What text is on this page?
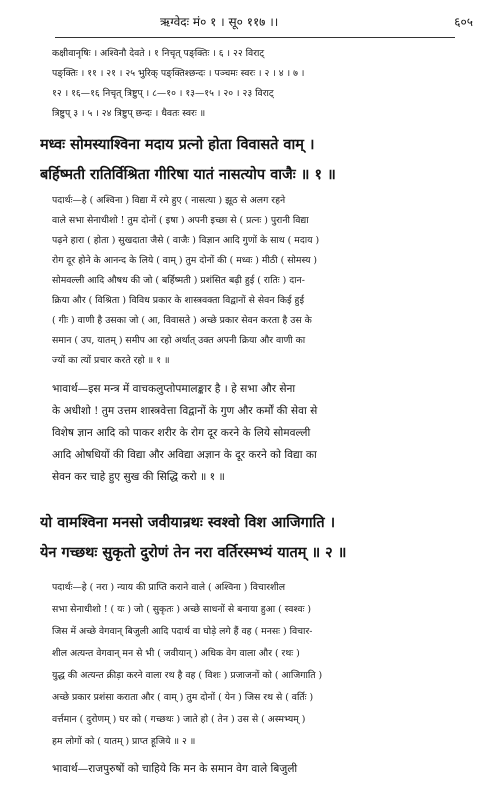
ऋग्वेदः मं० १ । सू० ११७ ।।	६०५
कक्षीवानृषिः । अश्विनौ देवते । १ निचृत् पङ्क्तिः । ६ । २२ विराट्
पङ्क्तिः । ११ । २१ । २५ भुरिक् पङ्क्तिश्छन्दः । पञ्चमः स्वरः । २ । ४ । ७ ।
१२ । १६—१६ निचृत् त्रिष्टुप् । ८—१० । १३—१५ । २० । २३ विराट्
त्रिष्टुप् ३ । ५ । २४ त्रिष्टुप् छन्दः । धैवतः स्वरः ॥
मध्वः सोमस्याश्विना मदाय प्रत्नो होता विवासते वाम् ।
बर्हिष्मती रातिर्विश्रिता गीरिषा यातं नासत्योप वाजैः ॥ १ ॥
पदार्थः—हे ( अश्विना ) विद्या में रमे हुए ( नासत्या ) झूठ से अलग रहने
वाले सभा सेनाधीशो ! तुम दोनों ( इषा ) अपनी इच्छा से ( प्रत्नः ) पुरानी विद्या
पढ़ने हारा ( होता ) सुखदाता जैसे ( वाजैः ) विज्ञान आदि गुणों के साथ ( मदाय )
रोग दूर होने के आनन्द के लिये ( वाम् ) तुम दोनों की ( मध्वः ) मीठी ( सोमस्य )
सोमवल्ली आदि औषध की जो ( बर्हिष्मती ) प्रशंसित बढ़ी हुई ( रातिः ) दान-
क्रिया और ( विश्रिता ) विविध प्रकार के शास्त्रवक्ता विद्वानों से सेवन किई हुई
( गीः ) वाणी है उसका जो ( आ, विवासते ) अच्छे प्रकार सेवन करता है उस के
समान ( उप, यातम् ) समीप आ रहो अर्थात् उक्त अपनी क्रिया और वाणी का
ज्यों का त्यों प्रचार करते रहो ॥ १ ॥
भावार्थ—इस मन्त्र में वाचकलुप्तोपमालङ्कार है । हे सभा और सेना
के अधीशो ! तुम उत्तम शास्त्रवेत्ता विद्वानों के गुण और कर्मों की सेवा से
विशेष ज्ञान आदि को पाकर शरीर के रोग दूर करने के लिये सोमवल्ली
आदि ओषधियों की विद्या और अविद्या अज्ञान के दूर करने को विद्या का
सेवन कर चाहे हुए सुख की सिद्धि करो ॥ १ ॥
यो वामश्विना मनसो जवीयान्रथः स्वश्वो विश आजिगाति ।
येन गच्छथः सुकृतो दुरोणं तेन नरा वर्तिरस्मभ्यं यातम् ॥ २ ॥
पदार्थः—हे ( नरा ) न्याय की प्राप्ति कराने वाले ( अश्विना ) विचारशील
सभा सेनाधीशो ! ( यः ) जो ( सुकृतः ) अच्छे साधनों से बनाया हुआ ( स्वश्वः )
जिस में अच्छे वेगवान् बिजुली आदि पदार्थ वा घोड़े लगे हैं वह ( मनसः ) विचार-
शील अत्यन्त वेगवान् मन से भी ( जवीयान् ) अधिक वेग वाला और ( रथः )
युद्ध की अत्यन्त क्रीड़ा करने वाला रथ है वह ( विशः ) प्रजाजनों को ( आजिगाति )
अच्छे प्रकार प्रशंसा कराता और ( वाम् ) तुम दोनों ( येन ) जिस रथ से ( वर्तिः )
वर्त्तमान ( दुरोणम् ) घर को ( गच्छथः ) जाते हो ( तेन ) उस से ( अस्मभ्यम् )
हम लोगों को ( यातम् ) प्राप्त हूजिये ॥ २ ॥
भावार्थ—राजपुरुषों को चाहिये कि मन के समान वेग वाले बिजुली
